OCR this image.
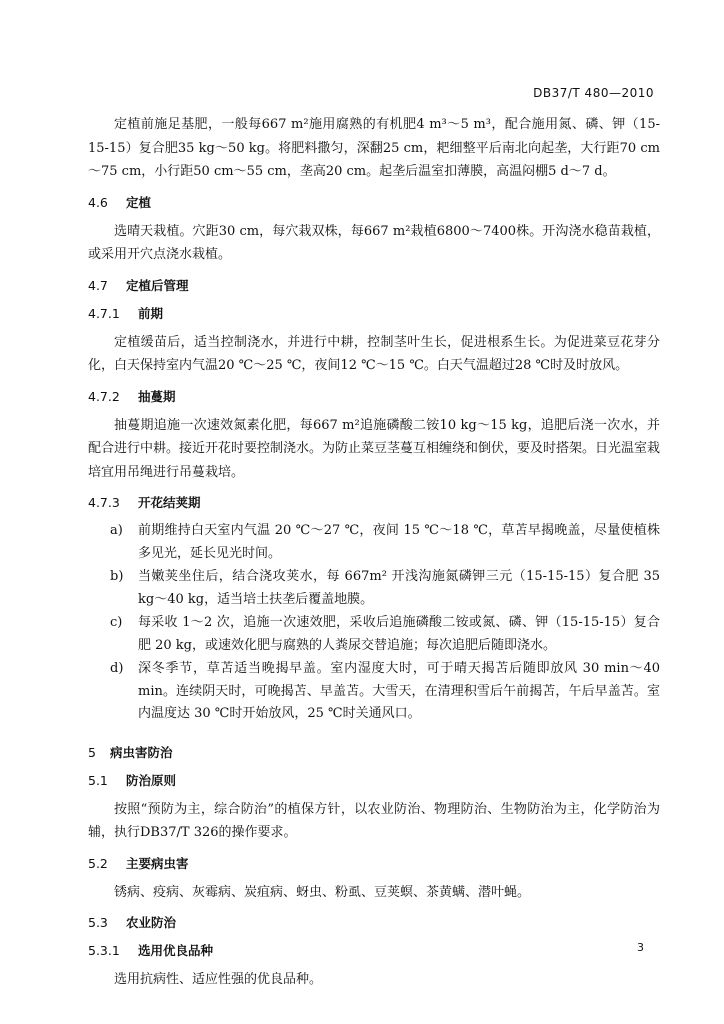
DB37/T 480—2010

定植前施足基肥，一般每667 m²施用腐熟的有机肥4 m³～5 m³，配合施用氮、磷、钾（15-15-15）复合肥35 kg～50 kg。将肥料撒匀，深翻25 cm，耙细整平后南北向起垄，大行距70 cm～75 cm，小行距50 cm～55 cm，垄高20 cm。起垄后温室扣薄膜，高温闷棚5 d～7 d。

4.6 定植

选晴天栽植。穴距30 cm，每穴栽双株，每667 m²栽植6800～7400株。开沟浇水稳苗栽植，或采用开穴点浇水栽植。

4.7 定植后管理
4.7.1 前期

定植缓苗后，适当控制浇水，并进行中耕，控制茎叶生长，促进根系生长。为促进菜豆花芽分化，白天保持室内气温20 ℃～25 ℃，夜间12 ℃～15 ℃。白天气温超过28 ℃时及时放风。

4.7.2 抽蔓期

抽蔓期追施一次速效氮素化肥，每667 m²追施磷酸二铵10 kg～15 kg，追肥后浇一次水，并配合进行中耕。接近开花时要控制浇水。为防止菜豆茎蔓互相缠绕和倒伏，要及时搭架。日光温室栽培宜用吊绳进行吊蔓栽培。

4.7.3 开花结荚期
a)	前期维持白天室内气温 20 ℃～27 ℃，夜间 15 ℃～18 ℃，草苫早揭晚盖，尽量使植株多见光，延长见光时间。
b)	当嫩荚坐住后，结合浇攻荚水，每 667m² 开浅沟施氮磷钾三元（15-15-15）复合肥 35 kg～40 kg，适当培土扶垄后覆盖地膜。
c)	每采收 1～2 次，追施一次速效肥，采收后追施磷酸二铵或氮、磷、钾（15-15-15）复合肥 20 kg，或速效化肥与腐熟的人粪尿交替追施；每次追肥后随即浇水。
d)	深冬季节，草苫适当晚揭早盖。室内湿度大时，可于晴天揭苫后随即放风 30 min～40 min。连续阴天时，可晚揭苫、早盖苫。大雪天，在清理积雪后午前揭苫，午后早盖苫。室内温度达 30 ℃时开始放风，25 ℃时关通风口。
5 病虫害防治
5.1 防治原则

按照“预防为主，综合防治”的植保方针，以农业防治、物理防治、生物防治为主，化学防治为辅，执行DB37/T 326的操作要求。

5.2 主要病虫害

锈病、疫病、灰霉病、炭疽病、蚜虫、粉虱、豆荚螟、茶黄螨、潜叶蝇。

5.3 农业防治
5.3.1 选用优良品种

选用抗病性、适应性强的优良品种。

3
